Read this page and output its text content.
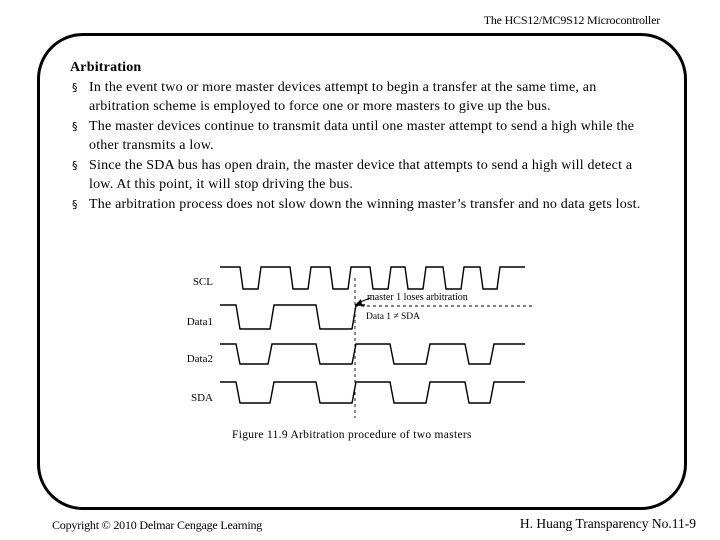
The HCS12/MC9S12 Microcontroller
Arbitration
§ In the event two or more master devices attempt to begin a transfer at the same time, an arbitration scheme is employed to force one or more masters to give up the bus.
§ The master devices continue to transmit data until one master attempt to send a high while the other transmits a low.
§ Since the SDA bus has open drain, the master device that attempts to send a high will detect a low. At this point, it will stop driving the bus.
§ The arbitration process does not slow down the winning master’s transfer and no data gets lost.
SCL
Data1
Data2
SDA
master 1 loses arbitration
Data 1 ≠ SDA
Figure 11.9 Arbitration procedure of two masters
Copyright © 2010 Delmar Cengage Learning	H. Huang Transparency No.11-9
